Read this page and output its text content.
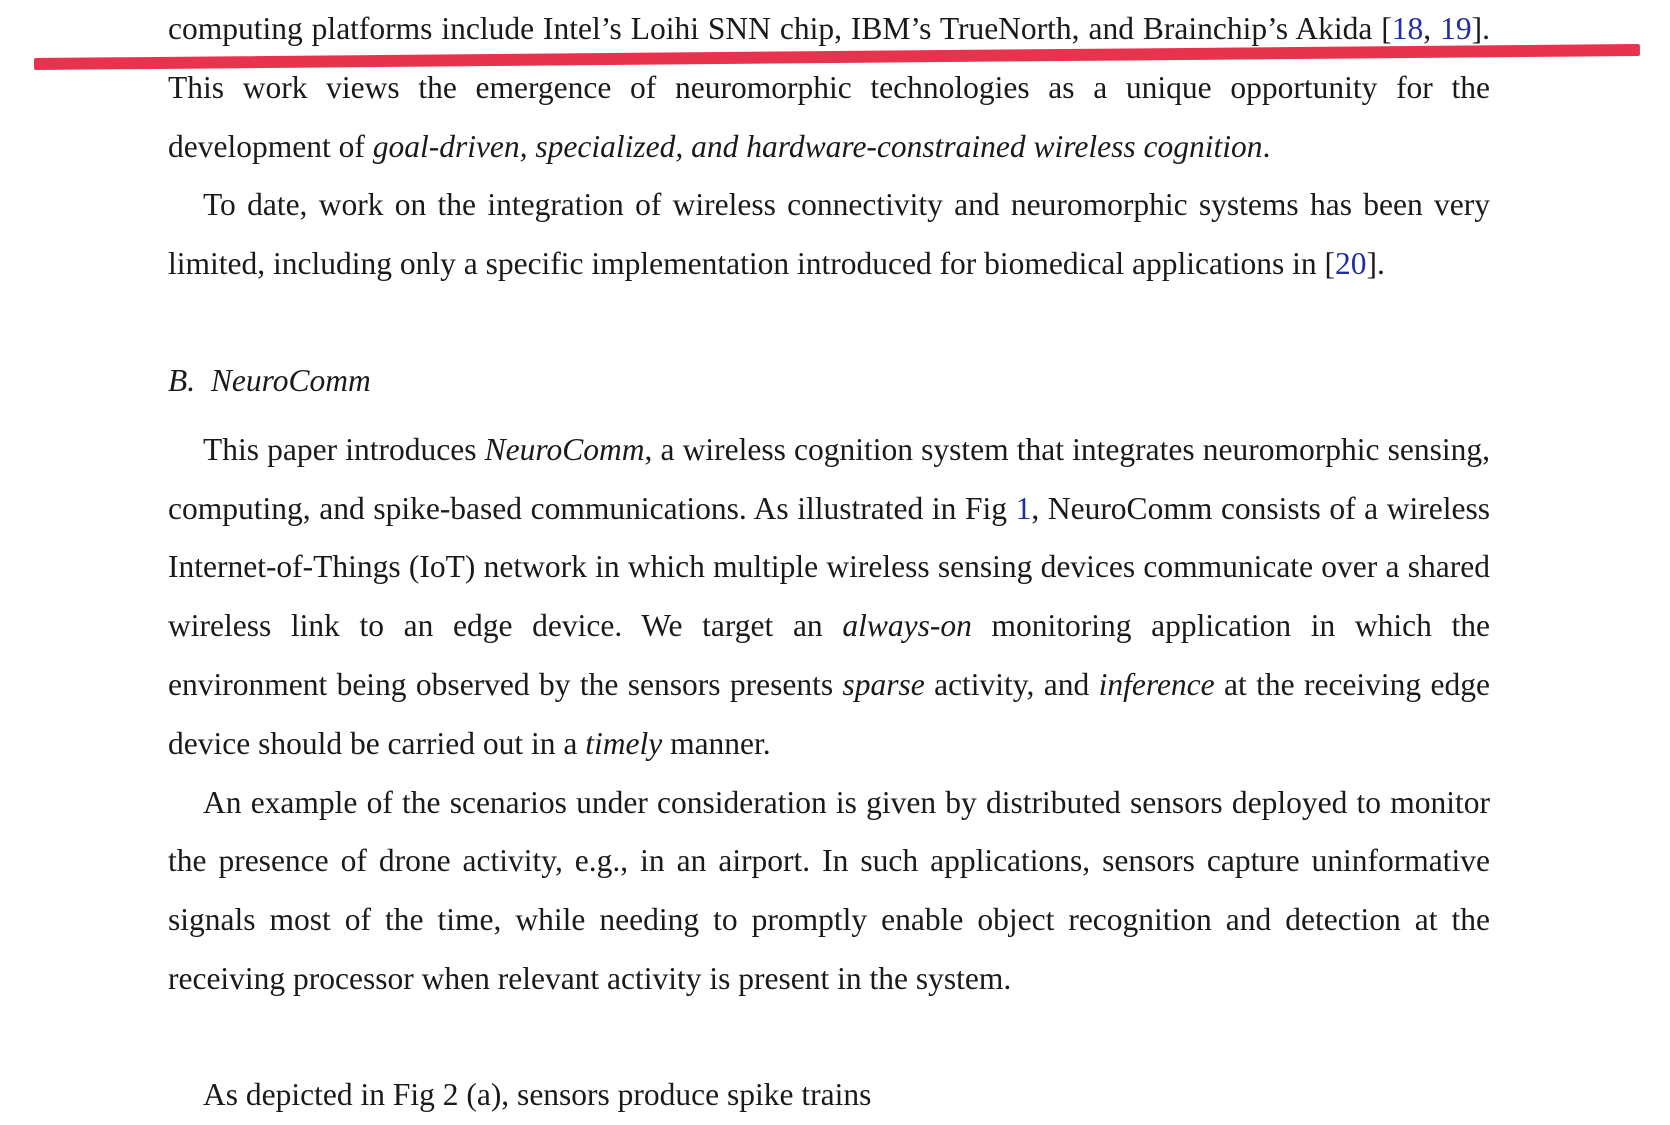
computing platforms include Intel’s Loihi SNN chip, IBM’s TrueNorth, and Brainchip’s Akida [18, 19]. This work views the emergence of neuromorphic technologies as a unique opportunity for the development of goal-driven, specialized, and hardware-constrained wireless cognition.

To date, work on the integration of wireless connectivity and neuromorphic systems has been very limited, including only a specific implementation introduced for biomedical applications in [20].

B. NeuroComm

This paper introduces NeuroComm, a wireless cognition system that integrates neuromorphic sensing, computing, and spike-based communications. As illustrated in Fig 1, NeuroComm consists of a wireless Internet-of-Things (IoT) network in which multiple wireless sensing devices communicate over a shared wireless link to an edge device. We target an always-on monitoring application in which the environment being observed by the sensors presents sparse activity, and inference at the receiving edge device should be carried out in a timely manner.

An example of the scenarios under consideration is given by distributed sensors deployed to monitor the presence of drone activity, e.g., in an airport. In such applications, sensors capture uninformative signals most of the time, while needing to promptly enable object recognition and detection at the receiving processor when relevant activity is present in the system.

As depicted in Fig 2 (a), sensors produce spike trains
